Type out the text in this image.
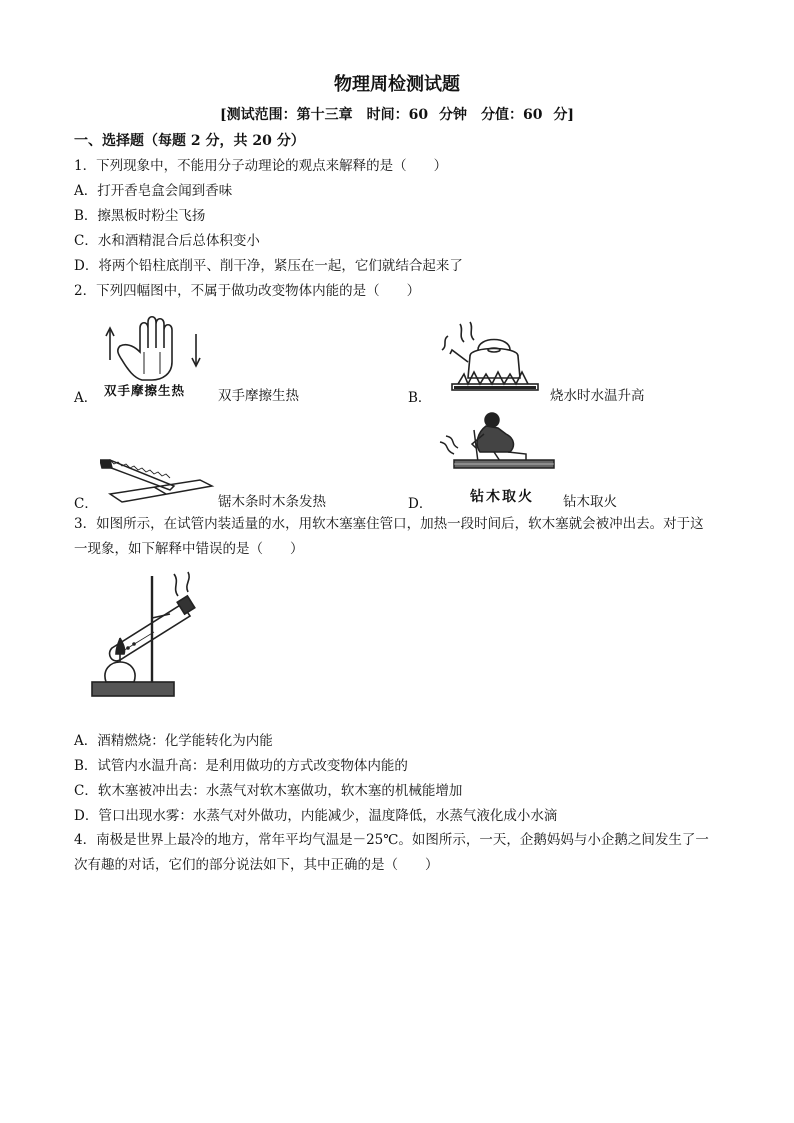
物理周检测试题
[测试范围：第十三章　时间：60 分钟　分值：60 分]
一、选择题（每题 2 分，共 20 分）
1．下列现象中，不能用分子动理论的观点来解释的是（　　）
A．打开香皂盒会闻到香味
B．擦黑板时粉尘飞扬
C．水和酒精混合后总体积变小
D．将两个铅柱底削平、削干净，紧压在一起，它们就结合起来了
2．下列四幅图中，不属于做功改变物体内能的是（　　）
A． 双手摩擦生热 双手摩擦生热	B．	烧水时水温升高
C．	锯木条时木条发热	D．	钻木取火 钻木取火
3．如图所示，在试管内装适量的水，用软木塞塞住管口，加热一段时间后，软木塞就会被冲出去。对于这
一现象，如下解释中错误的是（　　）
A．酒精燃烧：化学能转化为内能
B．试管内水温升高：是利用做功的方式改变物体内能的
C．软木塞被冲出去：水蒸气对软木塞做功，软木塞的机械能增加
D．管口出现水雾：水蒸气对外做功，内能减少，温度降低，水蒸气液化成小水滴
4．南极是世界上最冷的地方，常年平均气温是－25℃。如图所示，一天，企鹅妈妈与小企鹅之间发生了一
次有趣的对话，它们的部分说法如下，其中正确的是（　　）
